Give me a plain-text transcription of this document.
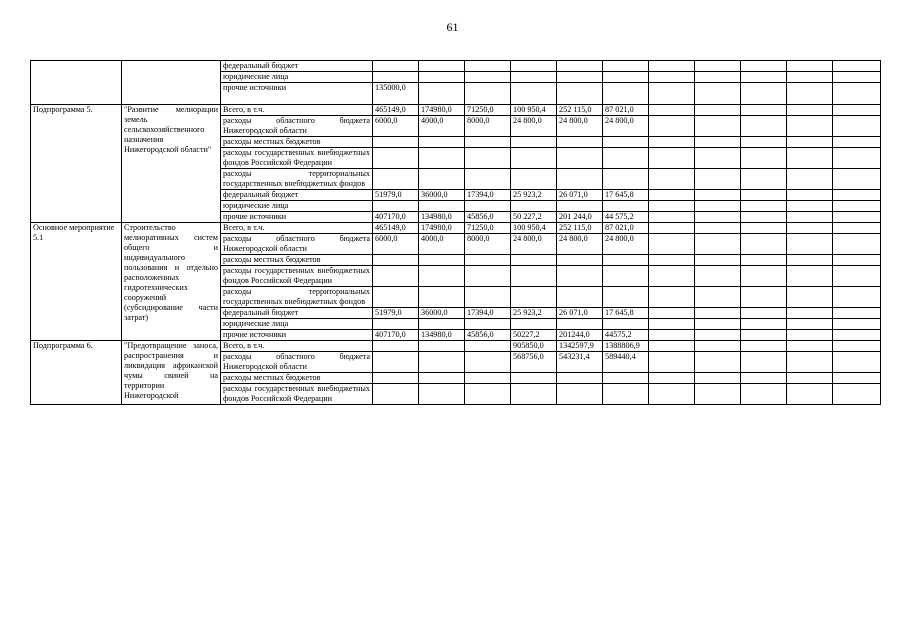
61
		федеральный бюджет											
		юридические лица											
		прочие источники	135000,0										
Подпрограмма 5.	"Развитие мелиорации земель сельскохозяйственного назначения Нижегородской области"	Всего, в т.ч.	465149,0	174980,0	71250,0	100 950,4	252 115,0	87 021,0					
		расходы областного бюджета Нижегородской области	6000,0	4000,0	8000,0	24 800,0	24 800,0	24 800,0					
		расходы местных бюджетов											
		расходы государственных внебюджетных фондов Российской Федерации											
		расходы территориальных государственных внебюджетных фондов											
		федеральный бюджет	51979,0	36000,0	17394,0	25 923,2	26 071,0	17 645,8					
		юридические лица											
		прочие источники	407170,0	134980,0	45856,0	50 227,2	201 244,0	44 575,2					
Основное мероприятие 5.1	Строительство мелиоративных систем общего и индивидуального пользования и отдельно расположенных гидротехнических сооружений (субсидирование части затрат)	Всего, в т.ч.	465149,0	174980,0	71250,0	100 950,4	252 115,0	87 021,0					
		расходы областного бюджета Нижегородской области	6000,0	4000,0	8000,0	24 800,0	24 800,0	24 800,0					
		расходы местных бюджетов											
		расходы государственных внебюджетных фондов Российской Федерации											
		расходы территориальных государственных внебюджетных фондов											
		федеральный бюджет	51979,0	36000,0	17394,0	25 923,2	26 071,0	17 645,8					
		юридические лица											
		прочие источники	407170,0	134980,0	45856,0	50227,2	201244,0	44575,2					
Подпрограмма 6.	"Предотвращение заноса, распространения и ликвидация африканской чумы свиней на территории Нижегородской	Всего, в т.ч.				905850,0	1342597,9	1388806,9					
		расходы областного бюджета Нижегородской области				568756,0	543231,4	589440,4					
		расходы местных бюджетов											
		расходы государственных внебюджетных фондов Российской Федерации											
